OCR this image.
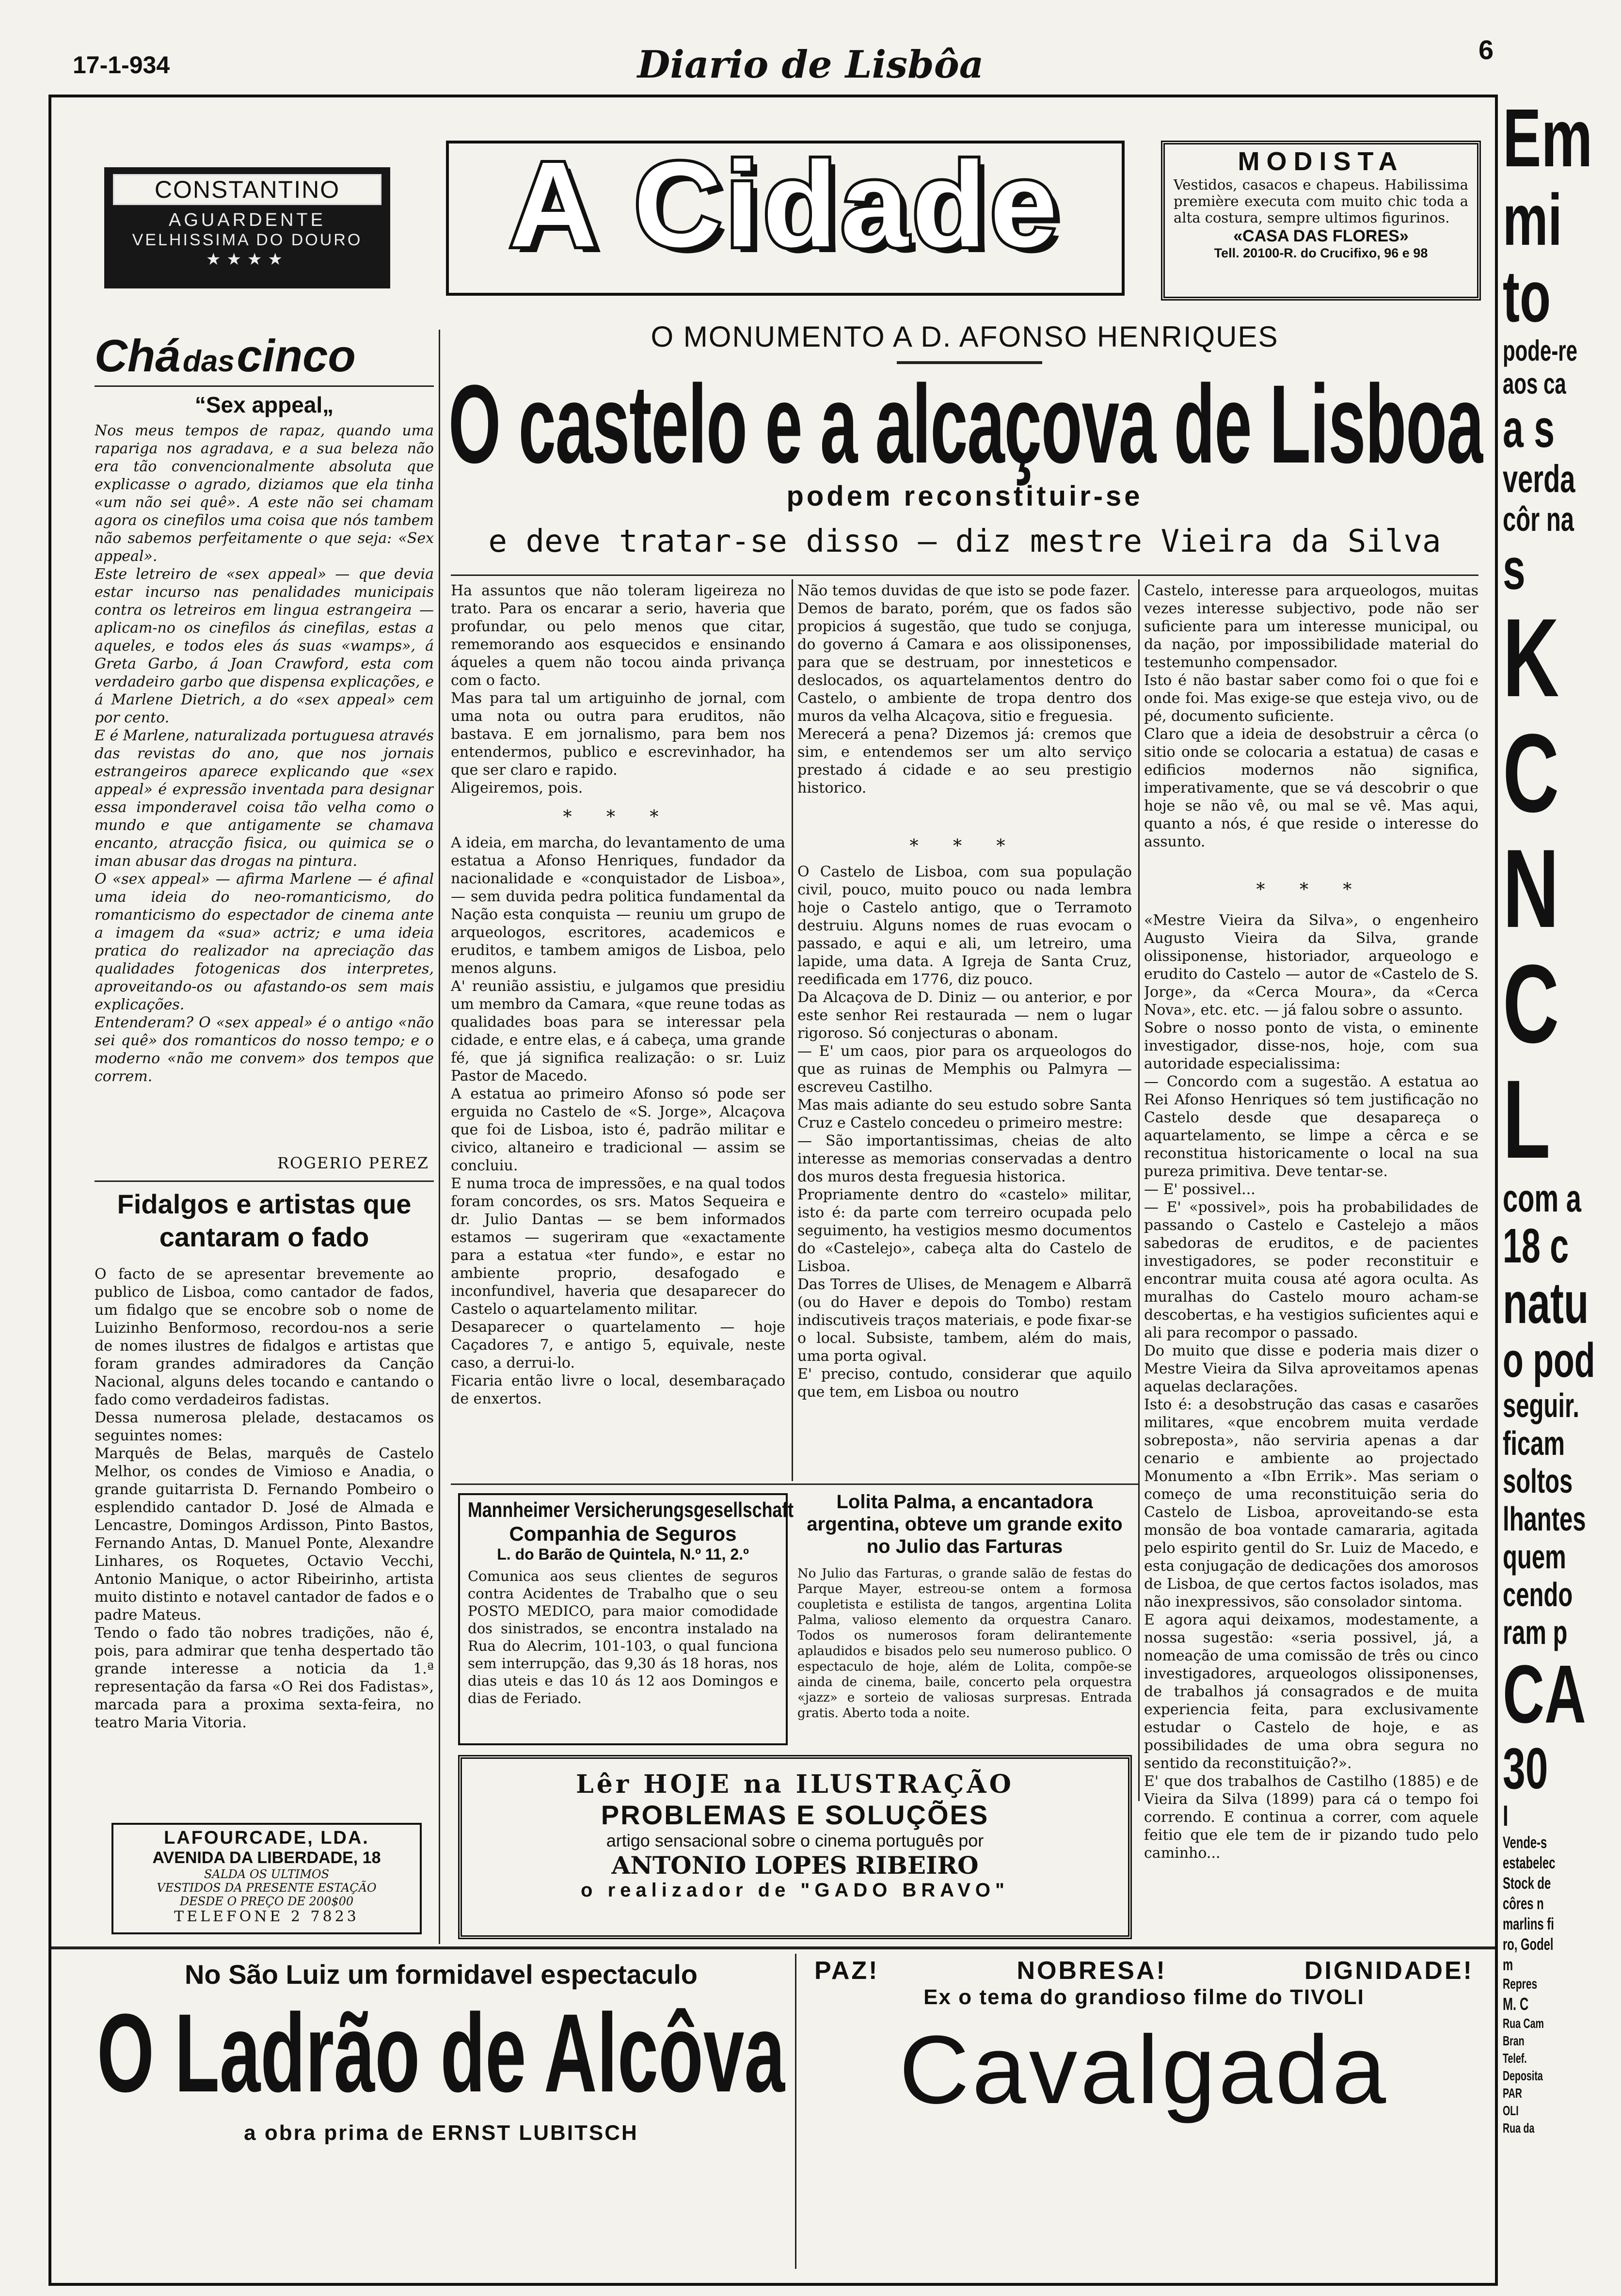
17-1-934	Diario de Lisbôa	6
CONSTANTINO
AGUARDENTE
VELHISSIMA DO DOURO
★★★★	A Cidade	MODISTA
Vestidos, casacos e chapeus. Habilissima première executa com muito chic toda a alta costura, sempre ultimos figurinos.
«CASA DAS FLORES»
Tell. 20100-R. do Crucifixo, 96 e 98
Chá das cinco
“Sex appeal„
Nos meus tempos de rapaz, quando uma rapariga nos agradava, e a sua beleza não era tão convencionalmente absoluta que explicasse o agrado, diziamos que ela tinha «um não sei quê». A este não sei chamam agora os cinefilos uma coisa que nós tambem não sabemos perfeitamente o que seja: «Sex appeal».
Este letreiro de «sex appeal» — que devia estar incurso nas penalidades municipais contra os letreiros em lingua estrangeira — aplicam-no os cinefilos ás cinefilas, estas a aqueles, e todos eles ás suas «wamps», á Greta Garbo, á Joan Crawford, esta com verdadeiro garbo que dispensa explicações, e á Marlene Dietrich, a do «sex appeal» cem por cento.
E é Marlene, naturalizada portuguesa através das revistas do ano, que nos jornais estrangeiros aparece explicando que «sex appeal» é expressão inventada para designar essa imponderavel coisa tão velha como o mundo e que antigamente se chamava encanto, atracção fisica, ou quimica se o iman abusar das drogas na pintura.
O «sex appeal» — afirma Marlene — é afinal uma ideia do neo-romanticismo, do romanticismo do espectador de cinema ante a imagem da «sua» actriz; e uma ideia pratica do realizador na apreciação das qualidades fotogenicas dos interpretes, aproveitando-os ou afastando-os sem mais explicações.
Entenderam? O «sex appeal» é o antigo «não sei quê» dos romanticos do nosso tempo; e o moderno «não me convem» dos tempos que correm.
ROGERIO PEREZ
Fidalgos e artistas que cantaram o fado
O facto de se apresentar brevemente ao publico de Lisboa, como cantador de fados, um fidalgo que se encobre sob o nome de Luizinho Benformoso, recordou-nos a serie de nomes ilustres de fidalgos e artistas que foram grandes admiradores da Canção Nacional, alguns deles tocando e cantando o fado como verdadeiros fadistas.
Dessa numerosa plelade, destacamos os seguintes nomes:
Marquês de Belas, marquês de Castelo Melhor, os condes de Vimioso e Anadia, o grande guitarrista D. Fernando Pombeiro o esplendido cantador D. José de Almada e Lencastre, Domingos Ardisson, Pinto Bastos, Fernando Antas, D. Manuel Ponte, Alexandre Linhares, os Roquetes, Octavio Vecchi, Antonio Manique, o actor Ribeirinho, artista muito distinto e notavel cantador de fados e o padre Mateus.
Tendo o fado tão nobres tradições, não é, pois, para admirar que tenha despertado tão grande interesse a noticia da 1.ª representação da farsa «O Rei dos Fadistas», marcada para a proxima sexta-feira, no teatro Maria Vitoria.
LAFOURCADE, LDA.
AVENIDA DA LIBERDADE, 18
SALDA OS ULTIMOS
VESTIDOS DA PRESENTE ESTAÇÃO
DESDE O PREÇO DE 200$00
TELEFONE 2 7823
O MONUMENTO A D. AFONSO HENRIQUES
O castelo e a alcaçova de Lisboa
podem reconstituir-se
e deve tratar-se disso — diz mestre Vieira da Silva
Ha assuntos que não toleram ligeireza no trato. Para os encarar a serio, haveria que profundar, ou pelo menos que citar, rememorando aos esquecidos e ensinando áqueles a quem não tocou ainda privança com o facto.
Mas para tal um artiguinho de jornal, com uma nota ou outra para eruditos, não bastava. E em jornalismo, para bem nos entendermos, publico e escrevinhador, ha que ser claro e rapido.
Aligeiremos, pois.
* * *
A ideia, em marcha, do levantamento de uma estatua a Afonso Henriques, fundador da nacionalidade e «conquistador de Lisboa», — sem duvida pedra politica fundamental da Nação esta conquista — reuniu um grupo de arqueologos, escritores, academicos e eruditos, e tambem amigos de Lisboa, pelo menos alguns.
A' reunião assistiu, e julgamos que presidiu um membro da Camara, «que reune todas as qualidades boas para se interessar pela cidade, e entre elas, e á cabeça, uma grande fé, que já significa realização: o sr. Luiz Pastor de Macedo.
A estatua ao primeiro Afonso só pode ser erguida no Castelo de «S. Jorge», Alcaçova que foi de Lisboa, isto é, padrão militar e civico, altaneiro e tradicional — assim se concluiu.
E numa troca de impressões, e na qual todos foram concordes, os srs. Matos Sequeira e dr. Julio Dantas — se bem informados estamos — sugeriram que «exactamente para a estatua «ter fundo», e estar no ambiente proprio, desafogado e inconfundivel, haveria que desaparecer do Castelo o aquartelamento militar.
Desaparecer o quartelamento — hoje Caçadores 7, e antigo 5, equivale, neste caso, a derrui-lo.
Ficaria então livre o local, desembaraçado de enxertos.
Não temos duvidas de que isto se pode fazer.
Demos de barato, porém, que os fados são propicios á sugestão, que tudo se conjuga, do governo á Camara e aos olissiponenses, para que se destruam, por innesteticos e deslocados, os aquartelamentos dentro do Castelo, o ambiente de tropa dentro dos muros da velha Alcaçova, sitio e freguesia.
Merecerá a pena? Dizemos já: cremos que sim, e entendemos ser um alto serviço prestado á cidade e ao seu prestigio historico.
* * *
O Castelo de Lisboa, com sua população civil, pouco, muito pouco ou nada lembra hoje o Castelo antigo, que o Terramoto destruiu. Alguns nomes de ruas evocam o passado, e aqui e ali, um letreiro, uma lapide, uma data. A Igreja de Santa Cruz, reedificada em 1776, diz pouco.
Da Alcaçova de D. Diniz — ou anterior, e por este senhor Rei restaurada — nem o lugar rigoroso. Só conjecturas o abonam.
— E' um caos, pior para os arqueologos do que as ruinas de Memphis ou Palmyra — escreveu Castilho.
Mas mais adiante do seu estudo sobre Santa Cruz e Castelo concedeu o primeiro mestre:
— São importantissimas, cheias de alto interesse as memorias conservadas a dentro dos muros desta freguesia historica.
Propriamente dentro do «castelo» militar, isto é: da parte com terreiro ocupada pelo seguimento, ha vestigios mesmo documentos do «Castelejo», cabeça alta do Castelo de Lisboa.
Das Torres de Ulises, de Menagem e Albarrã (ou do Haver e depois do Tombo) restam indiscutiveis traços materiais, e pode fixar-se o local. Subsiste, tambem, além do mais, uma porta ogival.
E' preciso, contudo, considerar que aquilo que tem, em Lisboa ou noutro
Castelo, interesse para arqueologos, muitas vezes interesse subjectivo, pode não ser suficiente para um interesse municipal, ou da nação, por impossibilidade material do testemunho compensador.
Isto é não bastar saber como foi o que foi e onde foi. Mas exige-se que esteja vivo, ou de pé, documento suficiente.
Claro que a ideia de desobstruir a cêrca (o sitio onde se colocaria a estatua) de casas e edificios modernos não significa, imperativamente, que se vá descobrir o que hoje se não vê, ou mal se vê. Mas aqui, quanto a nós, é que reside o interesse do assunto.
* * *
«Mestre Vieira da Silva», o engenheiro Augusto Vieira da Silva, grande olissiponense, historiador, arqueologo e erudito do Castelo — autor de «Castelo de S. Jorge», da «Cerca Moura», da «Cerca Nova», etc. etc. — já falou sobre o assunto.
Sobre o nosso ponto de vista, o eminente investigador, disse-nos, hoje, com sua autoridade especialissima:
— Concordo com a sugestão. A estatua ao Rei Afonso Henriques só tem justificação no Castelo desde que desapareça o aquartelamento, se limpe a cêrca e se reconstitua historicamente o local na sua pureza primitiva. Deve tentar-se.
— E' possivel...
— E' «possivel», pois ha probabilidades de passando o Castelo e Castelejo a mãos sabedoras de eruditos, e de pacientes investigadores, se poder reconstituir e encontrar muita cousa até agora oculta. As muralhas do Castelo mouro acham-se descobertas, e ha vestigios suficientes aqui e ali para recompor o passado.
Do muito que disse e poderia mais dizer o Mestre Vieira da Silva aproveitamos apenas aquelas declarações.
Isto é: a desobstrução das casas e casarões militares, «que encobrem muita verdade sobreposta», não serviria apenas a dar cenario e ambiente ao projectado Monumento a «Ibn Errik». Mas seriam o começo de uma reconstituição seria do Castelo de Lisboa, aproveitando-se esta monsão de boa vontade camararia, agitada pelo espirito gentil do Sr. Luiz de Macedo, e esta conjugação de dedicações dos amorosos de Lisboa, de que certos factos isolados, mas não inexpressivos, são consolador sintoma.
E agora aqui deixamos, modestamente, a nossa sugestão: «seria possivel, já, a nomeação de uma comissão de três ou cinco investigadores, arqueologos olissiponenses, de trabalhos já consagrados e de muita experiencia feita, para exclusivamente estudar o Castelo de hoje, e as possibilidades de uma obra segura no sentido da reconstituição?».
E' que dos trabalhos de Castilho (1885) e de Vieira da Silva (1899) para cá o tempo foi correndo. E continua a correr, com aquele feitio que ele tem de ir pizando tudo pelo caminho...
Mannheimer Versicherungsgesellschaft
Companhia de Seguros
L. do Barão de Quintela, N.º 11, 2.º
Comunica aos seus clientes de seguros contra Acidentes de Trabalho que o seu POSTO MEDICO, para maior comodidade dos sinistrados, se encontra instalado na Rua do Alecrim, 101-103, o qual funciona sem interrupção, das 9,30 ás 18 horas, nos dias uteis e das 10 ás 12 aos Domingos e dias de Feriado.
Lolita Palma, a encantadora argentina, obteve um grande exito no Julio das Farturas
No Julio das Farturas, o grande salão de festas do Parque Mayer, estreou-se ontem a formosa coupletista e estilista de tangos, argentina Lolita Palma, valioso elemento da orquestra Canaro. Todos os numerosos foram delirantemente aplaudidos e bisados pelo seu numeroso publico. O espectaculo de hoje, além de Lolita, compõe-se ainda de cinema, baile, concerto pela orquestra «jazz» e sorteio de valiosas surpresas. Entrada gratis. Aberto toda a noite.
Lêr HOJE na ILUSTRAÇÃO
PROBLEMAS E SOLUÇÕES
artigo sensacional sobre o cinema português por
ANTONIO LOPES RIBEIRO
o realizador de "GADO BRAVO"
No São Luiz um formidavel espectaculo
O Ladrão de Alcôva
a obra prima de ERNST LUBITSCH
PAZ!	NOBRESA!	DIGNIDADE!
Ex o tema do grandioso filme do TIVOLI
Cavalgada
Em
mi
to
pode-re
aos ca
a s
verda
côr na
s
K
C
N
C
L
com a
18 c
natu
o pod
seguir.
ficam
soltos
lhantes
quem
cendo
ram p
CA
30
I
Vende-s
estabelec
Stock de
côres n
marlins fi
ro, Godel
m
Repres
M. C
Rua Cam
Bran
Telef.
Deposita
PAR
OLI
Rua da
